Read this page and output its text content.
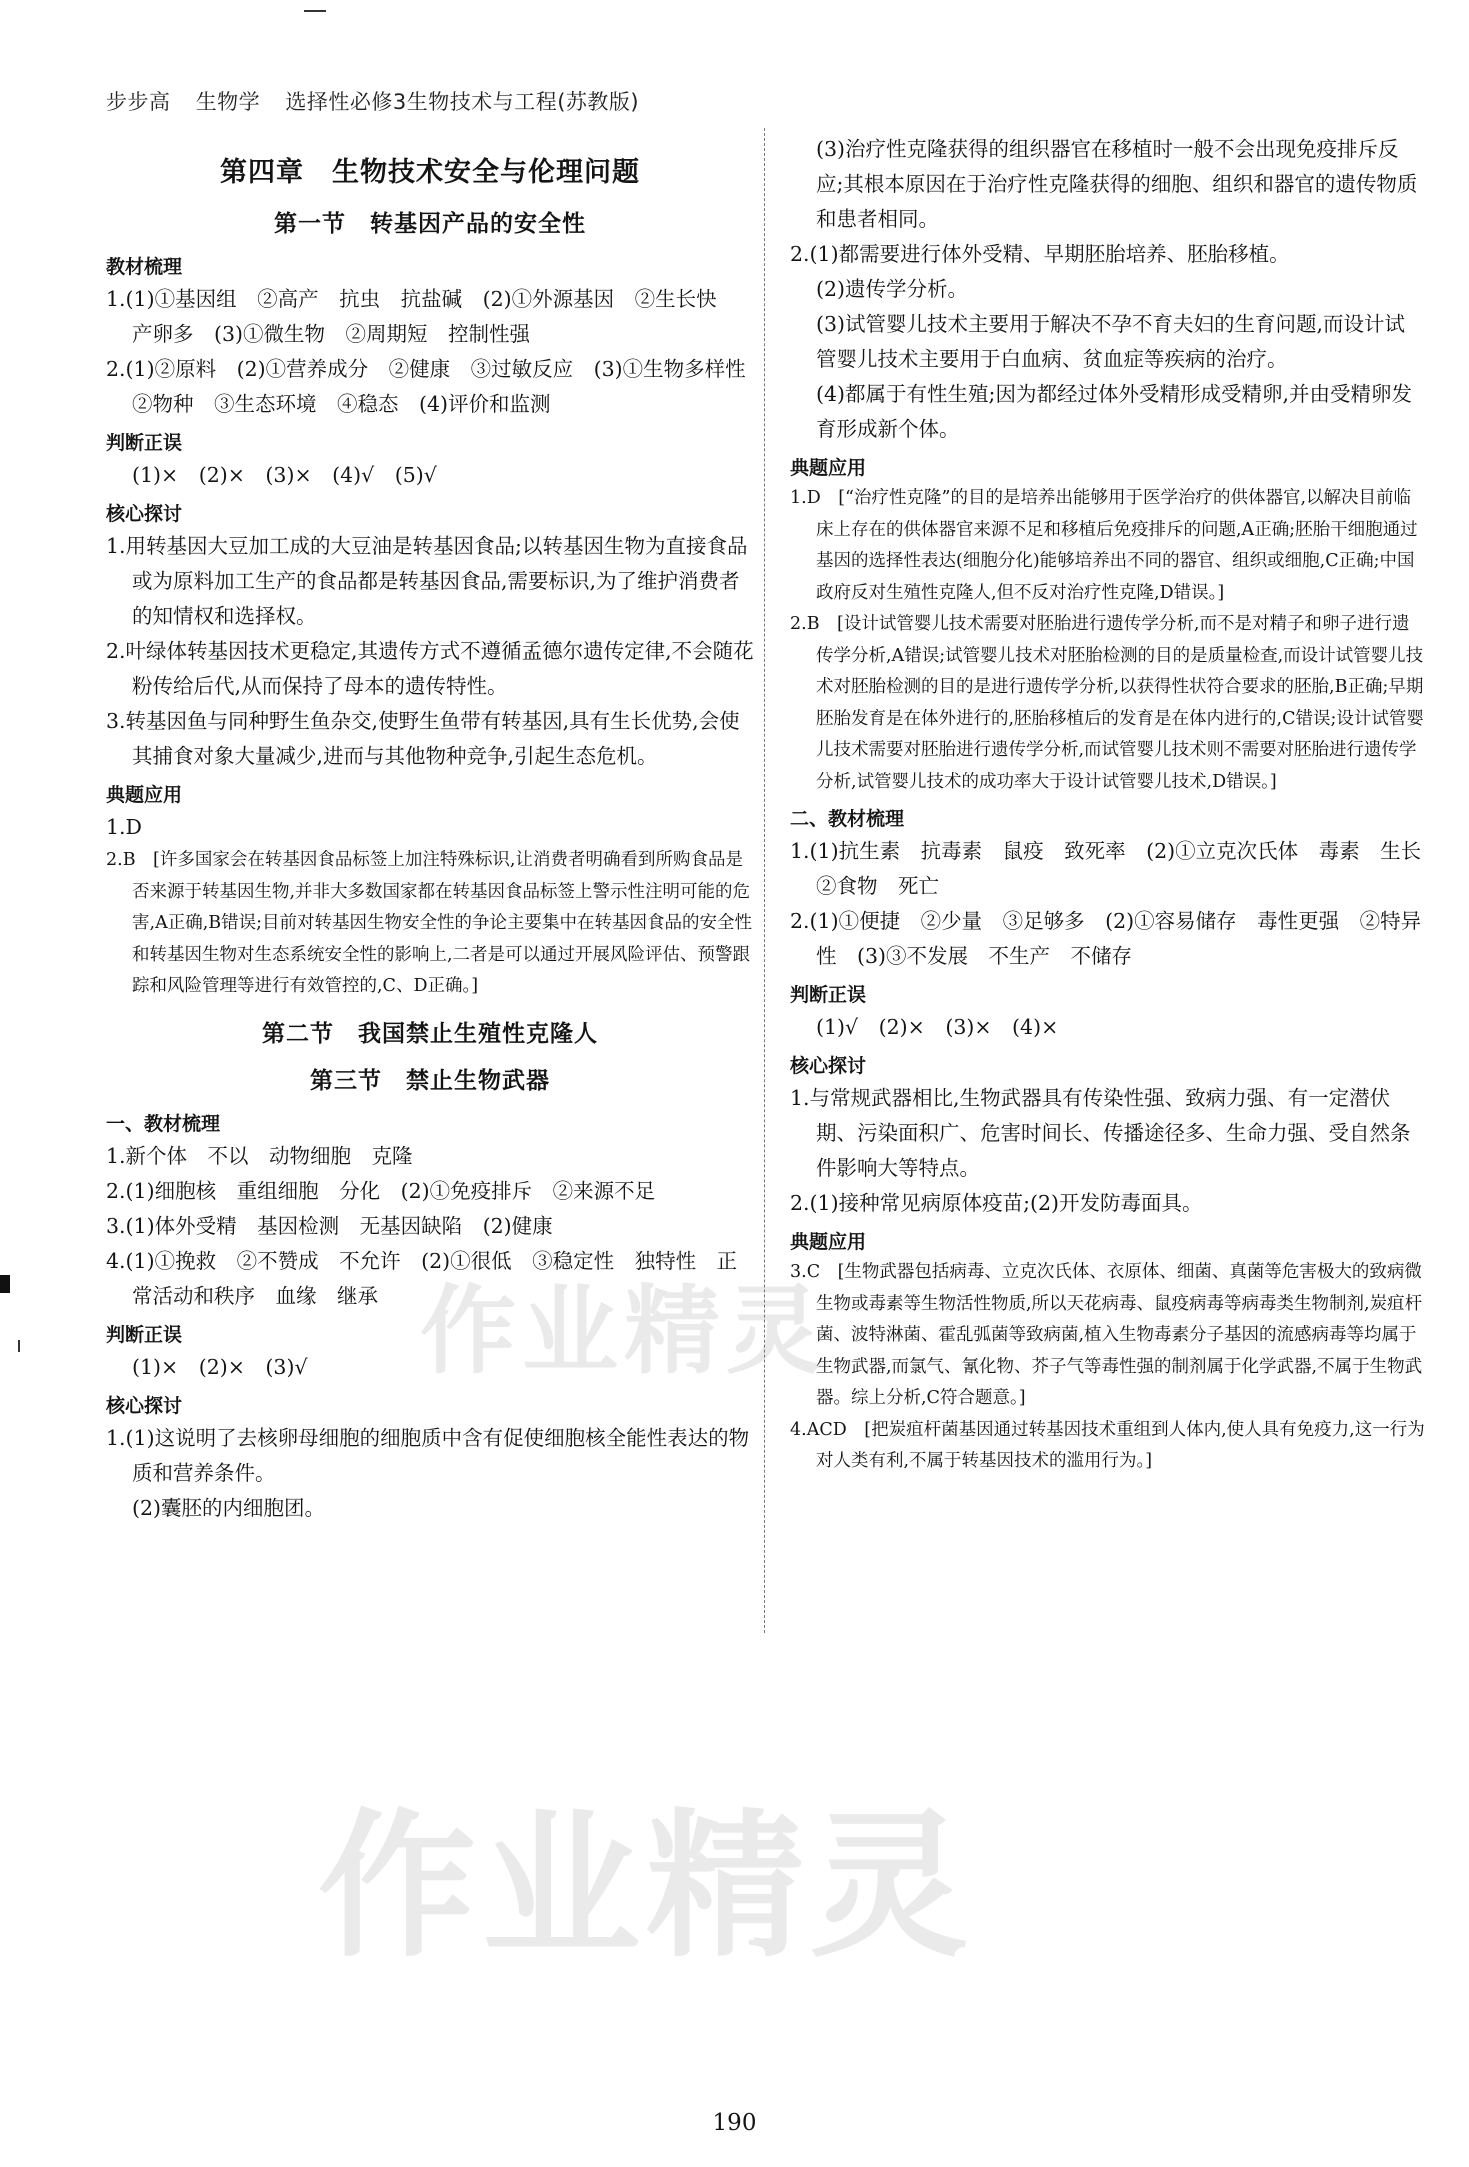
步步高 生物学 选择性必修3生物技术与工程(苏教版)
第四章　生物技术安全与伦理问题
第一节　转基因产品的安全性
教材梳理

1.(1)①基因组　②高产　抗虫　抗盐碱　(2)①外源基因　②生长快　产卵多　(3)①微生物　②周期短　控制性强

2.(1)②原料　(2)①营养成分　②健康　③过敏反应　(3)①生物多样性　②物种　③生态环境　④稳态　(4)评价和监测

判断正误

(1)×　(2)×　(3)×　(4)√　(5)√

核心探讨

1.用转基因大豆加工成的大豆油是转基因食品;以转基因生物为直接食品或为原料加工生产的食品都是转基因食品,需要标识,为了维护消费者的知情权和选择权。

2.叶绿体转基因技术更稳定,其遗传方式不遵循孟德尔遗传定律,不会随花粉传给后代,从而保持了母本的遗传特性。

3.转基因鱼与同种野生鱼杂交,使野生鱼带有转基因,具有生长优势,会使其捕食对象大量减少,进而与其他物种竞争,引起生态危机。

典题应用

1.D

2.B　[许多国家会在转基因食品标签上加注特殊标识,让消费者明确看到所购食品是否来源于转基因生物,并非大多数国家都在转基因食品标签上警示性注明可能的危害,A正确,B错误;目前对转基因生物安全性的争论主要集中在转基因食品的安全性和转基因生物对生态系统安全性的影响上,二者是可以通过开展风险评估、预警跟踪和风险管理等进行有效管控的,C、D正确。]

第二节　我国禁止生殖性克隆人
第三节　禁止生物武器
一、教材梳理

1.新个体　不以　动物细胞　克隆

2.(1)细胞核　重组细胞　分化　(2)①免疫排斥　②来源不足

3.(1)体外受精　基因检测　无基因缺陷　(2)健康

4.(1)①挽救　②不赞成　不允许　(2)①很低　③稳定性　独特性　正常活动和秩序　血缘　继承

判断正误

(1)×　(2)×　(3)√

核心探讨

1.(1)这说明了去核卵母细胞的细胞质中含有促使细胞核全能性表达的物质和营养条件。

(2)囊胚的内细胞团。

(3)治疗性克隆获得的组织器官在移植时一般不会出现免疫排斥反应;其根本原因在于治疗性克隆获得的细胞、组织和器官的遗传物质和患者相同。

2.(1)都需要进行体外受精、早期胚胎培养、胚胎移植。

(2)遗传学分析。

(3)试管婴儿技术主要用于解决不孕不育夫妇的生育问题,而设计试管婴儿技术主要用于白血病、贫血症等疾病的治疗。

(4)都属于有性生殖;因为都经过体外受精形成受精卵,并由受精卵发育形成新个体。

典题应用

1.D　[“治疗性克隆”的目的是培养出能够用于医学治疗的供体器官,以解决目前临床上存在的供体器官来源不足和移植后免疫排斥的问题,A正确;胚胎干细胞通过基因的选择性表达(细胞分化)能够培养出不同的器官、组织或细胞,C正确;中国政府反对生殖性克隆人,但不反对治疗性克隆,D错误。]

2.B　[设计试管婴儿技术需要对胚胎进行遗传学分析,而不是对精子和卵子进行遗传学分析,A错误;试管婴儿技术对胚胎检测的目的是质量检查,而设计试管婴儿技术对胚胎检测的目的是进行遗传学分析,以获得性状符合要求的胚胎,B正确;早期胚胎发育是在体外进行的,胚胎移植后的发育是在体内进行的,C错误;设计试管婴儿技术需要对胚胎进行遗传学分析,而试管婴儿技术则不需要对胚胎进行遗传学分析,试管婴儿技术的成功率大于设计试管婴儿技术,D错误。]

二、教材梳理

1.(1)抗生素　抗毒素　鼠疫　致死率　(2)①立克次氏体　毒素　生长　②食物　死亡

2.(1)①便捷　②少量　③足够多　(2)①容易储存　毒性更强　②特异性　(3)③不发展　不生产　不储存

判断正误

(1)√　(2)×　(3)×　(4)×

核心探讨

1.与常规武器相比,生物武器具有传染性强、致病力强、有一定潜伏期、污染面积广、危害时间长、传播途径多、生命力强、受自然条件影响大等特点。

2.(1)接种常见病原体疫苗;(2)开发防毒面具。

典题应用

3.C　[生物武器包括病毒、立克次氏体、衣原体、细菌、真菌等危害极大的致病微生物或毒素等生物活性物质,所以天花病毒、鼠疫病毒等病毒类生物制剂,炭疽杆菌、波特淋菌、霍乱弧菌等致病菌,植入生物毒素分子基因的流感病毒等均属于生物武器,而氯气、氰化物、芥子气等毒性强的制剂属于化学武器,不属于生物武器。综上分析,C符合题意。]

4.ACD　[把炭疽杆菌基因通过转基因技术重组到人体内,使人具有免疫力,这一行为对人类有利,不属于转基因技术的滥用行为。]

作业精灵
作业精灵
190
